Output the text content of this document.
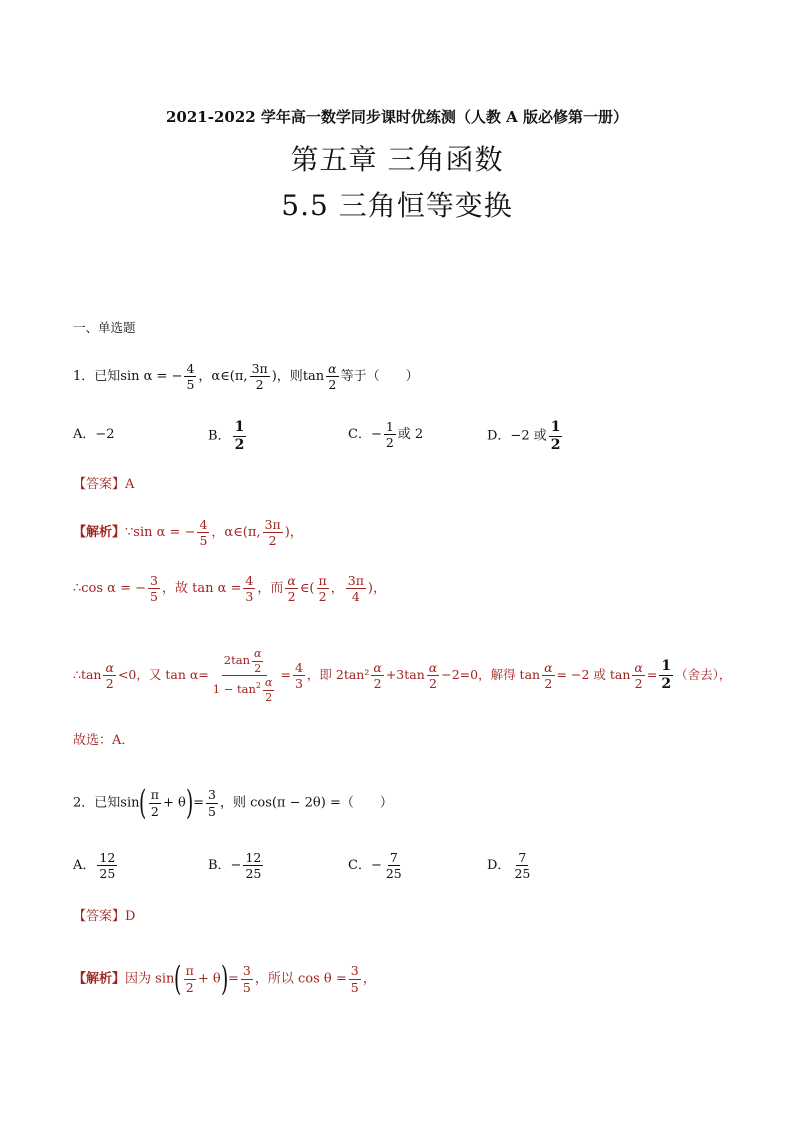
2021-2022 学年高一数学同步课时优练测（人教 A 版必修第一册）
第五章 三角函数
5.5 三角恒等变换
一、单选题
1．已知sin α = − $\frac{4}{5}$ ，α∈(π, $\frac{3\pi}{2}$ )，则$\tan \frac{\alpha}{2}$ 等于（　　）
A．−2	B． $\frac{1}{2}$	C．− $\frac{1}{2}$ 或 2	D．−2 或 $\frac{1}{2}$
【答案】A
【解析】∵sin α = − $\frac{4}{5}$ ，α∈(π, $\frac{3\pi}{2}$ )，
∴cos α = − $\frac{3}{5}$ ，故 $\tan \alpha = \frac{4}{3}$ ，而 $\frac{\alpha}{2}$ ∈( $\frac{\pi}{2}$ ， $\frac{3\pi}{4}$ )，
∴tan $\frac{\alpha}{2} <0$，又 $\tan \alpha= \frac{2\tan \frac{\alpha}{2}}{1 - \tan^2 \frac{\alpha}{2}} = \frac{4}{3}$ ，即 $2\tan^2 \frac{\alpha}{2} +3\tan \frac{\alpha}{2} -2=0$，解得 $\tan \frac{\alpha}{2} = -2$ 或 $\tan \frac{\alpha}{2} = \frac{1}{2}$ （舍去），
故选：A．
2．已知$\sin( \frac{\pi}{2} + \theta)= \frac{3}{5}$ ，则 cos(π − 2θ) =（　　）
A． $\frac{12}{25}$	B．− $\frac{12}{25}$	C．− $\frac{7}{25}$	D． $\frac{7}{25}$
【答案】D
【解析】因为 $\sin( \frac{\pi}{2} + \theta)= \frac{3}{5}$ ，所以 $\cos \theta = \frac{3}{5}$ ，
